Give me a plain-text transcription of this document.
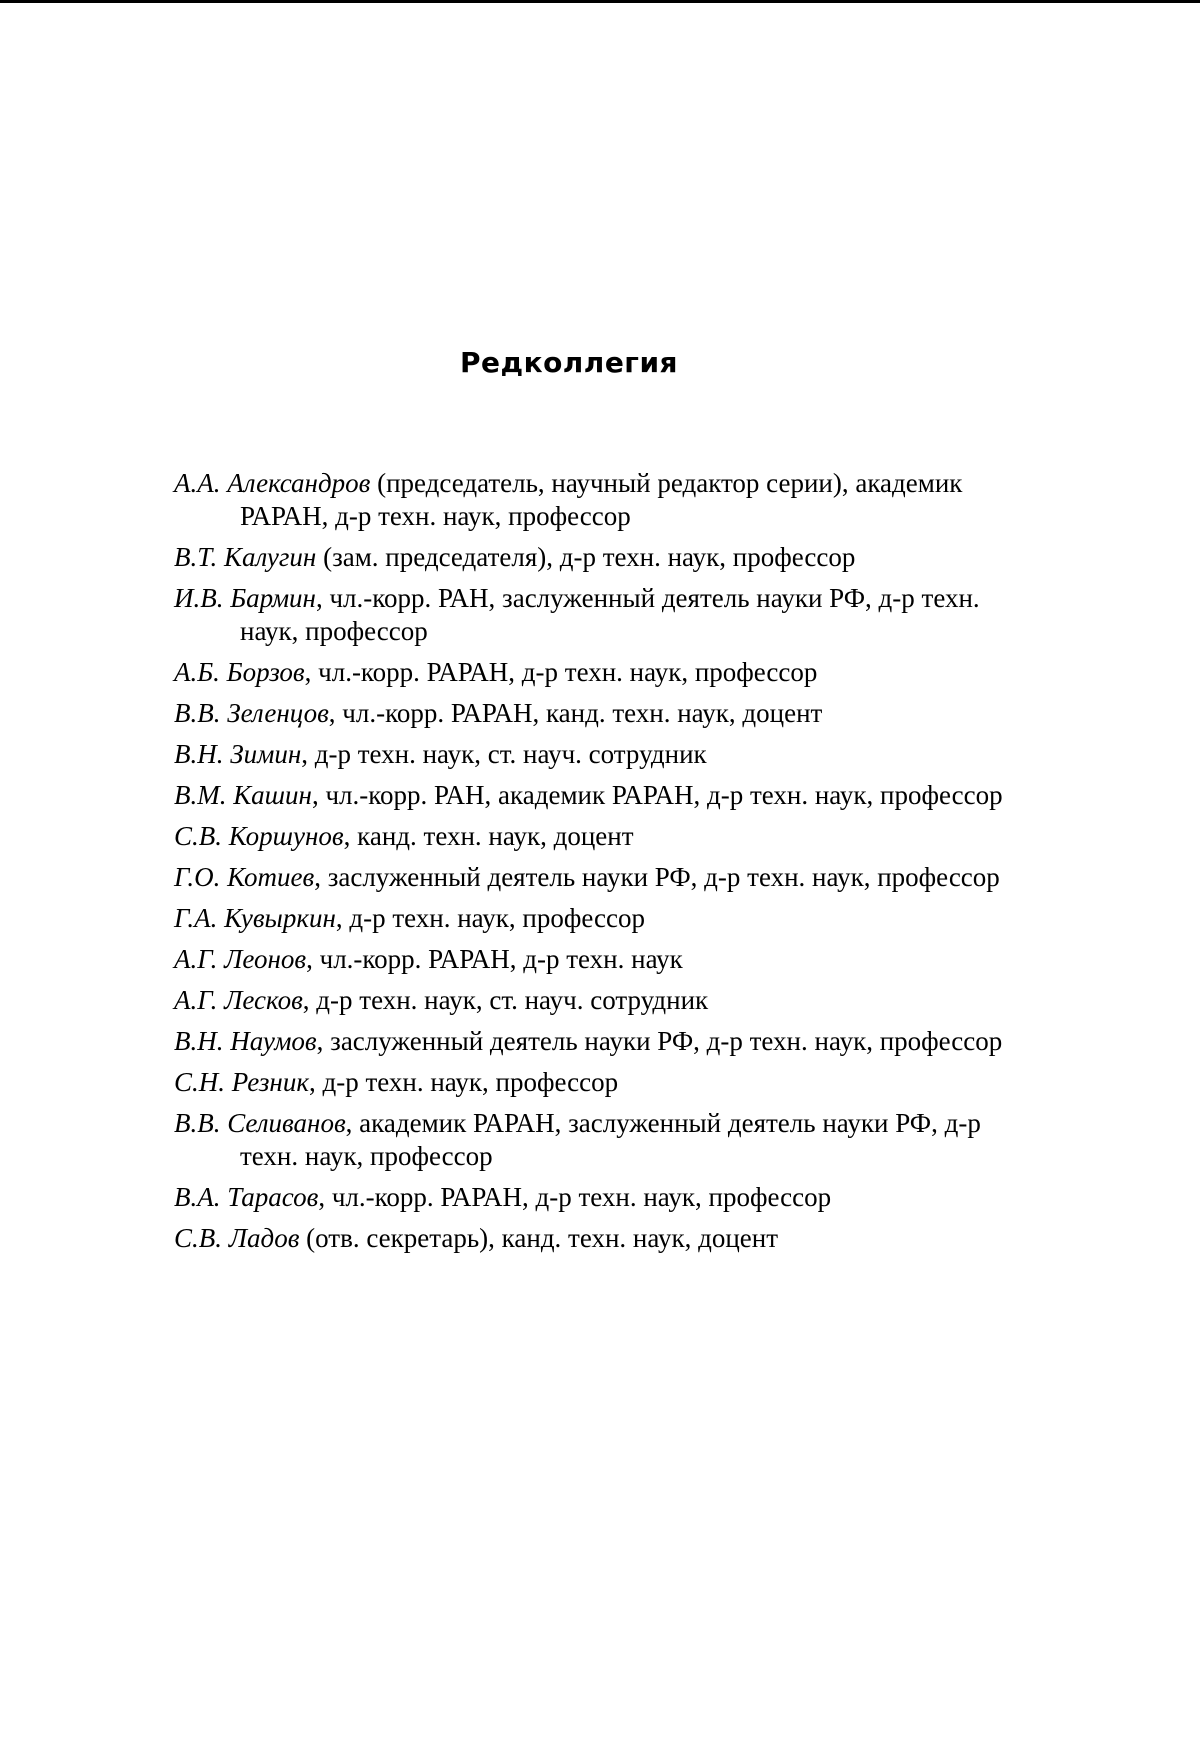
Редколлегия
А.А. Александров (председатель, научный редактор серии), академик РАРАН, д-р техн. наук, профессор
В.Т. Калугин (зам. председателя), д-р техн. наук, профессор
И.В. Бармин, чл.-корр. РАН, заслуженный деятель науки РФ, д-р техн. наук, профессор
А.Б. Борзов, чл.-корр. РАРАН, д-р техн. наук, профессор
В.В. Зеленцов, чл.-корр. РАРАН, канд. техн. наук, доцент
В.Н. Зимин, д-р техн. наук, ст. науч. сотрудник
В.М. Кашин, чл.-корр. РАН, академик РАРАН, д-р техн. наук, профессор
С.В. Коршунов, канд. техн. наук, доцент
Г.О. Котиев, заслуженный деятель науки РФ, д-р техн. наук, профессор
Г.А. Кувыркин, д-р техн. наук, профессор
А.Г. Леонов, чл.-корр. РАРАН, д-р техн. наук
А.Г. Лесков, д-р техн. наук, ст. науч. сотрудник
В.Н. Наумов, заслуженный деятель науки РФ, д-р техн. наук, профессор
С.Н. Резник, д-р техн. наук, профессор
В.В. Селиванов, академик РАРАН, заслуженный деятель науки РФ, д-р техн. наук, профессор
В.А. Тарасов, чл.-корр. РАРАН, д-р техн. наук, профессор
С.В. Ладов (отв. секретарь), канд. техн. наук, доцент
